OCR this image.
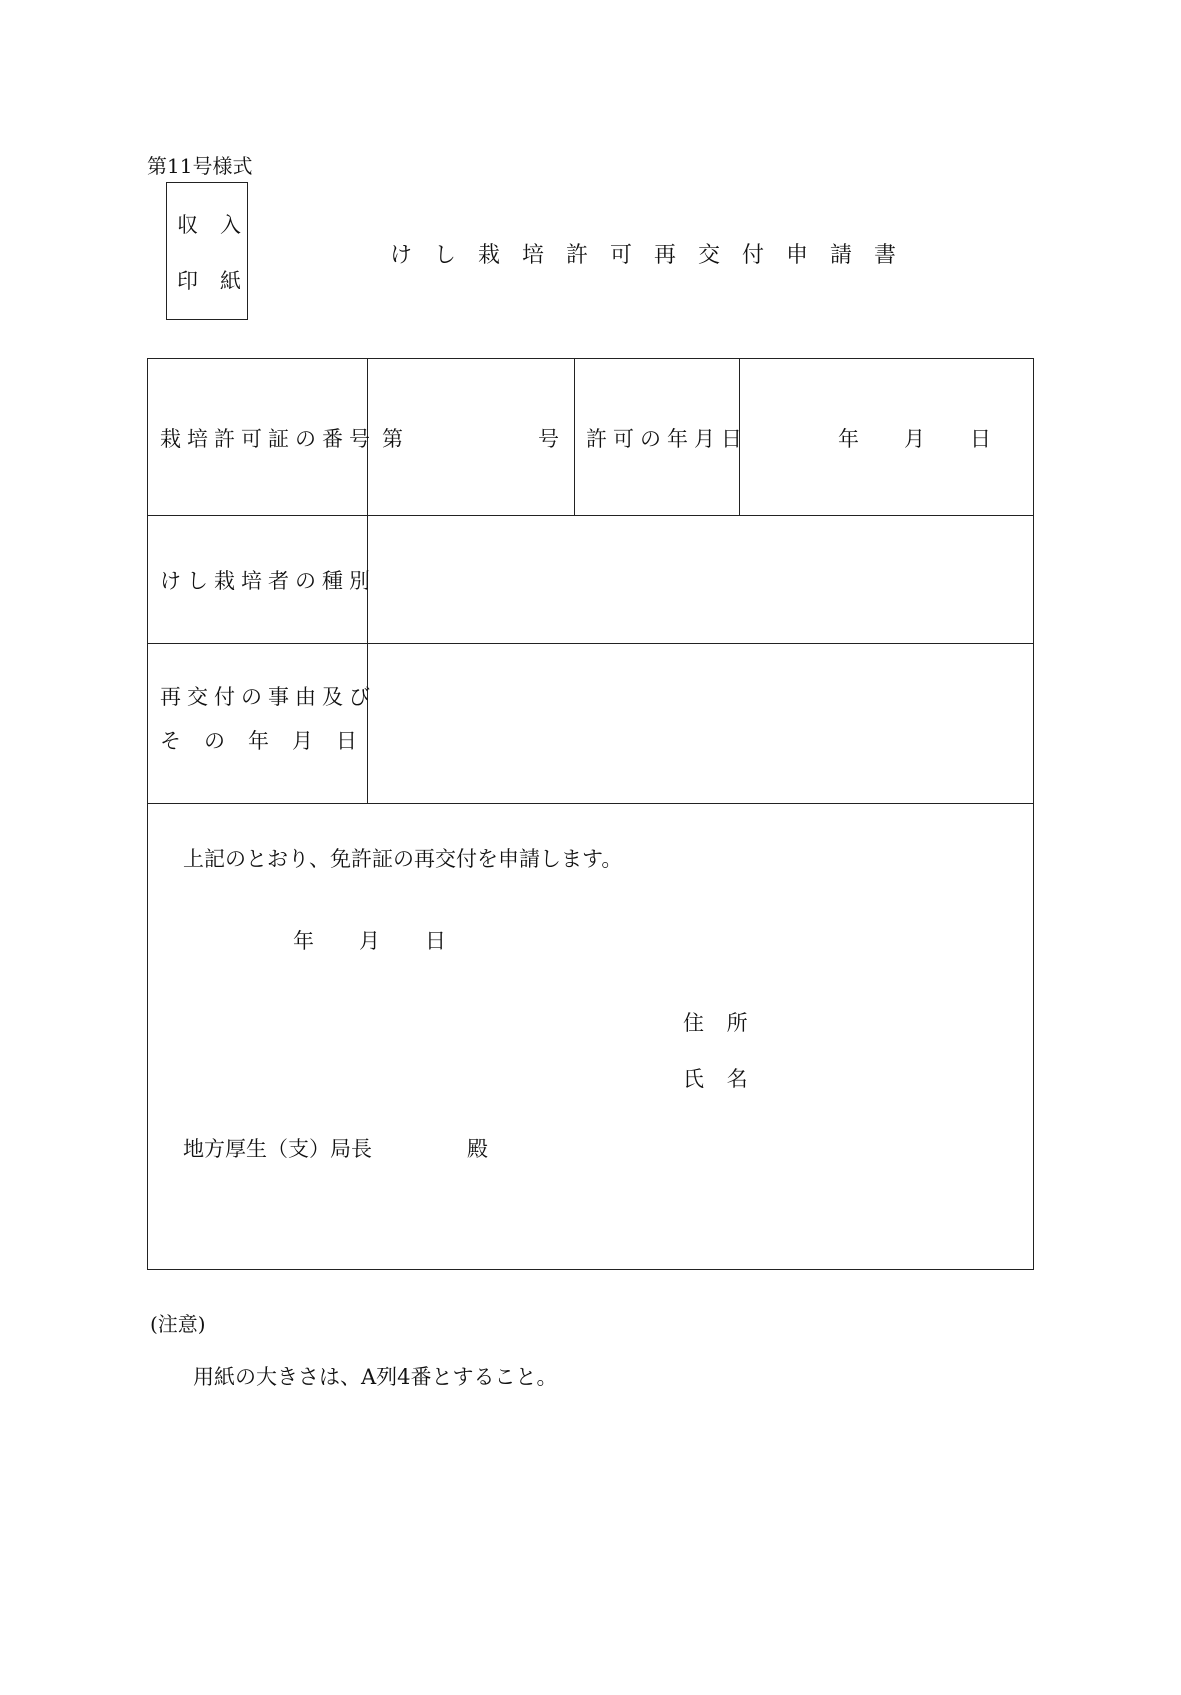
第11号様式
収 入
印 紙
けし栽培許可再交付申請書
栽培許可証の番号 第	号 許可の年月日	年	月	日
けし栽培者の種別
再交付の事由及び
その年月日
上記のとおり、免許証の再交付を申請します。
年	月	日
住 所
氏 名
地方厚生（支）局長	殿
(注意)
用紙の大きさは、A列4番とすること。
